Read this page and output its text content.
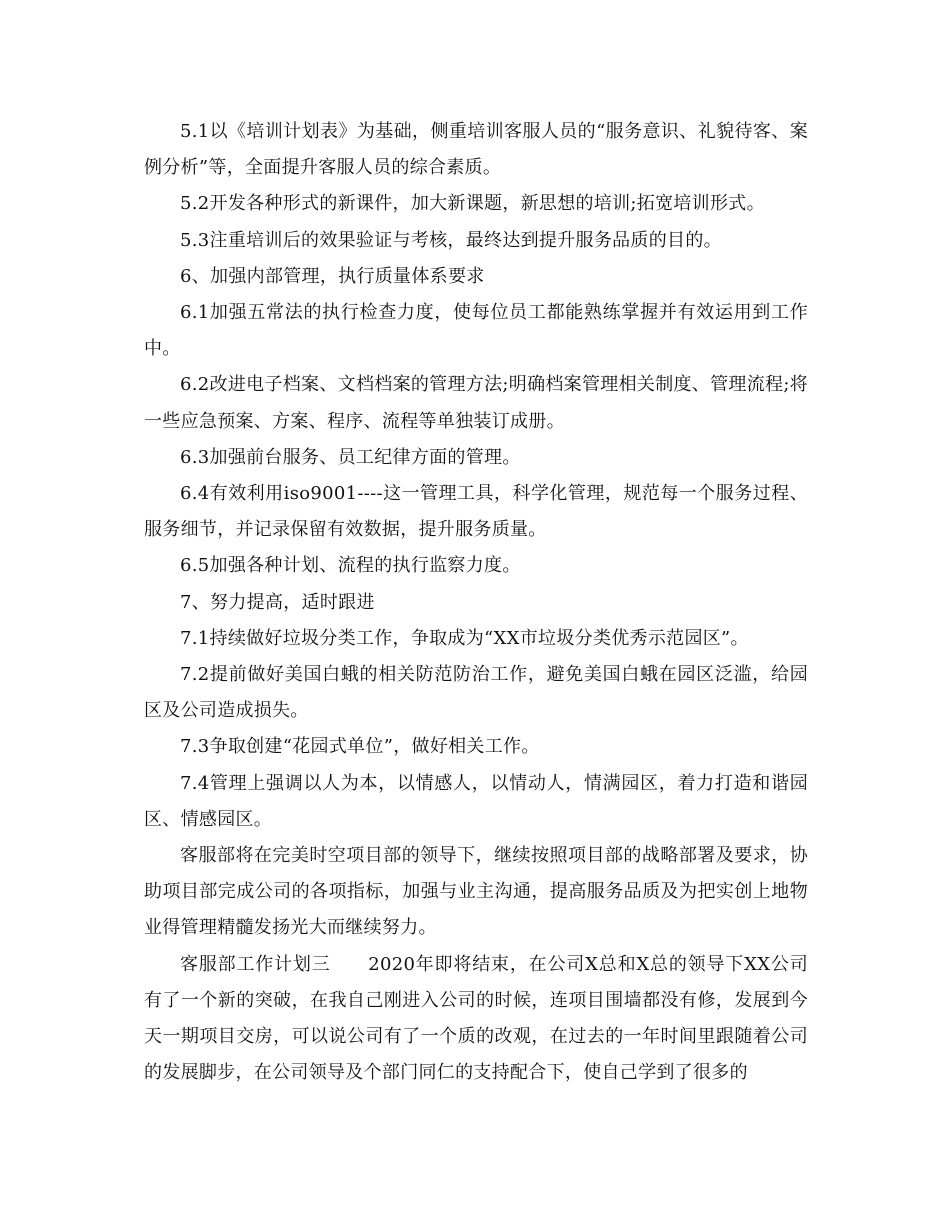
5.1以《培训计划表》为基础，侧重培训客服人员的“服务意识、礼貌待客、案例分析”等，全面提升客服人员的综合素质。

5.2开发各种形式的新课件，加大新课题，新思想的培训;拓宽培训形式。

5.3注重培训后的效果验证与考核，最终达到提升服务品质的目的。

6、加强内部管理，执行质量体系要求

6.1加强五常法的执行检查力度，使每位员工都能熟练掌握并有效运用到工作中。

6.2改进电子档案、文档档案的管理方法;明确档案管理相关制度、管理流程;将一些应急预案、方案、程序、流程等单独装订成册。

6.3加强前台服务、员工纪律方面的管理。

6.4有效利用iso9001----这一管理工具，科学化管理，规范每一个服务过程、服务细节，并记录保留有效数据，提升服务质量。

6.5加强各种计划、流程的执行监察力度。

7、努力提高，适时跟进

7.1持续做好垃圾分类工作，争取成为“XX市垃圾分类优秀示范园区”。

7.2提前做好美国白蛾的相关防范防治工作，避免美国白蛾在园区泛滥，给园区及公司造成损失。

7.3争取创建“花园式单位”，做好相关工作。

7.4管理上强调以人为本，以情感人，以情动人，情满园区，着力打造和谐园区、情感园区。

客服部将在完美时空项目部的领导下，继续按照项目部的战略部署及要求，协助项目部完成公司的各项指标，加强与业主沟通，提高服务品质及为把实创上地物业得管理精髓发扬光大而继续努力。

客服部工作计划三　　2020年即将结束，在公司X总和X总的领导下XX公司有了一个新的突破，在我自己刚进入公司的时候，连项目围墙都没有修，发展到今天一期项目交房，可以说公司有了一个质的改观，在过去的一年时间里跟随着公司的发展脚步，在公司领导及个部门同仁的支持配合下，使自己学到了很多的
